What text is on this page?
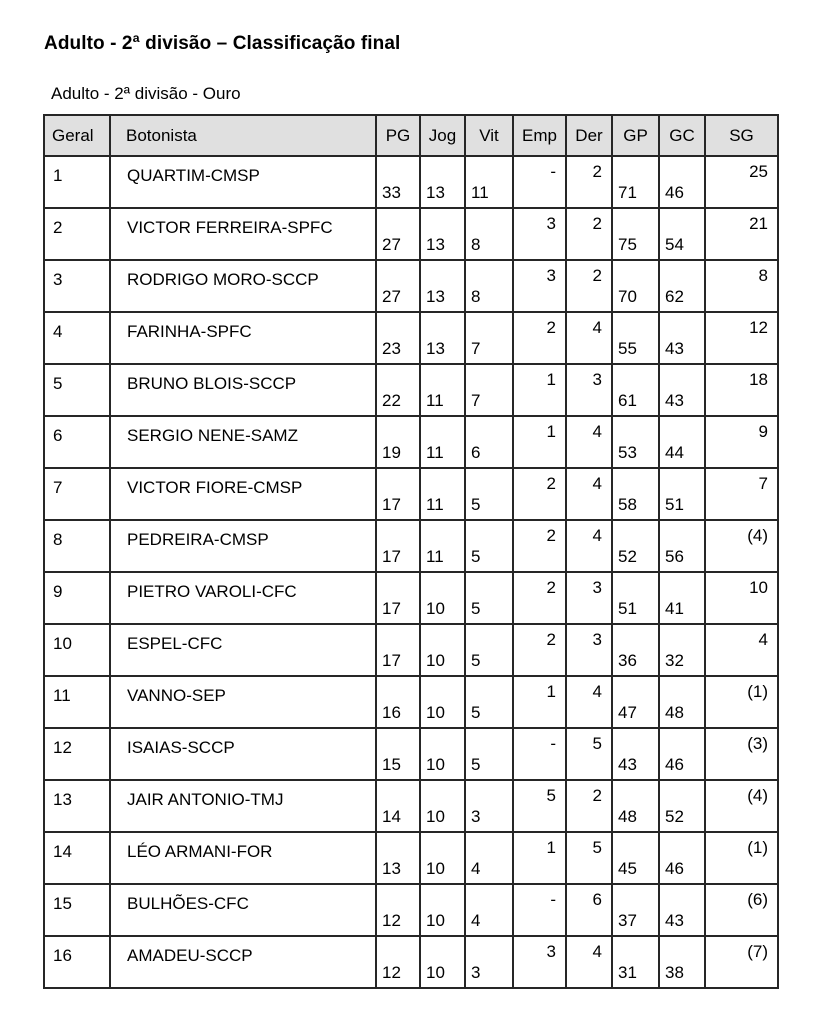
Adulto - 2ª divisão – Classificação final
Adulto - 2ª divisão - Ouro
Geral	Botonista	PG	Jog	Vit	Emp	Der	GP	GC	SG
1	QUARTIM-CMSP	33	13	11	-	2	71	46	25
2	VICTOR FERREIRA-SPFC	27	13	8	3	2	75	54	21
3	RODRIGO MORO-SCCP	27	13	8	3	2	70	62	8
4	FARINHA-SPFC	23	13	7	2	4	55	43	12
5	BRUNO BLOIS-SCCP	22	11	7	1	3	61	43	18
6	SERGIO NENE-SAMZ	19	11	6	1	4	53	44	9
7	VICTOR FIORE-CMSP	17	11	5	2	4	58	51	7
8	PEDREIRA-CMSP	17	11	5	2	4	52	56	(4)
9	PIETRO VAROLI-CFC	17	10	5	2	3	51	41	10
10	ESPEL-CFC	17	10	5	2	3	36	32	4
11	VANNO-SEP	16	10	5	1	4	47	48	(1)
12	ISAIAS-SCCP	15	10	5	-	5	43	46	(3)
13	JAIR ANTONIO-TMJ	14	10	3	5	2	48	52	(4)
14	LÉO ARMANI-FOR	13	10	4	1	5	45	46	(1)
15	BULHÕES-CFC	12	10	4	-	6	37	43	(6)
16	AMADEU-SCCP	12	10	3	3	4	31	38	(7)
